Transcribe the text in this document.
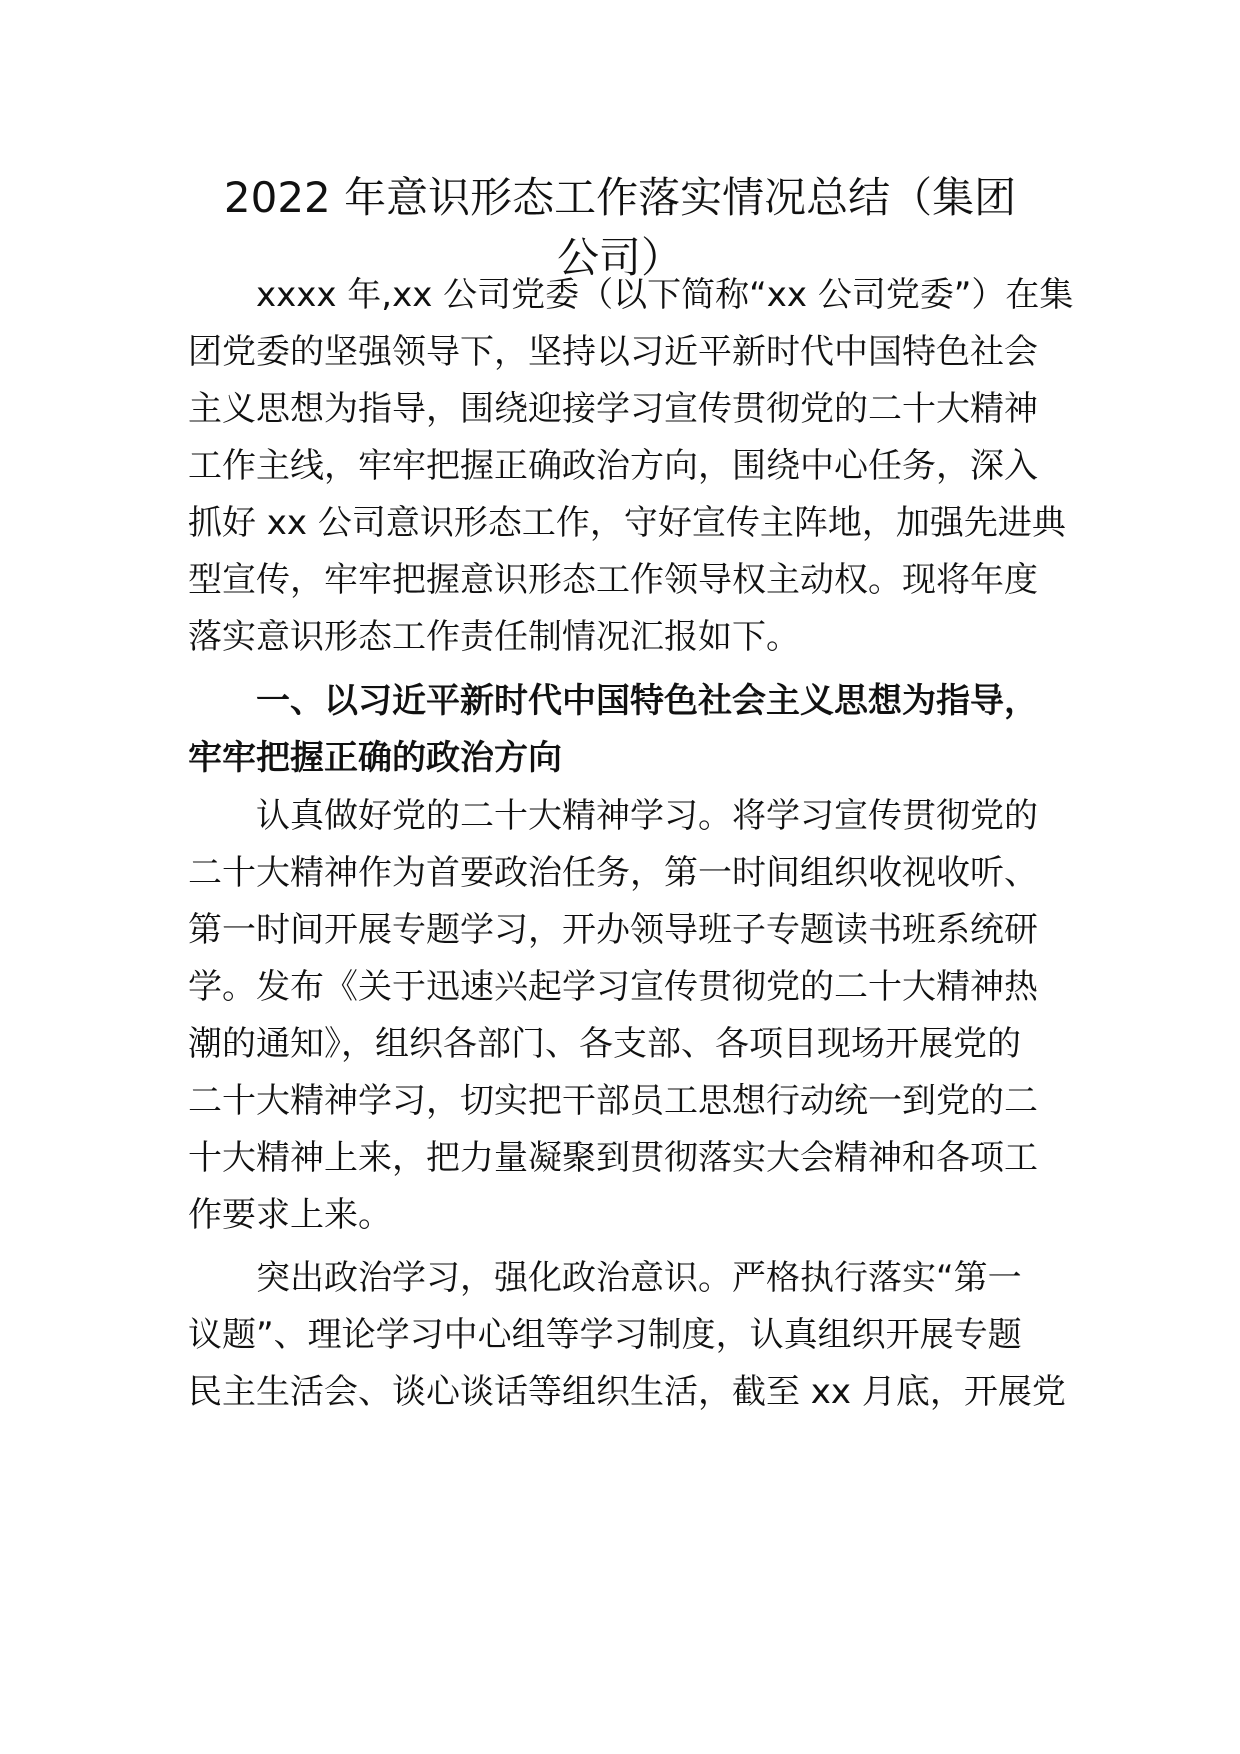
2022 年意识形态工作落实情况总结（集团
公司）
xxxx 年,xx 公司党委（以下简称“xx 公司党委”）在集
团党委的坚强领导下，坚持以习近平新时代中国特色社会
主义思想为指导，围绕迎接学习宣传贯彻党的二十大精神
工作主线，牢牢把握正确政治方向，围绕中心任务，深入
抓好 xx 公司意识形态工作，守好宣传主阵地，加强先进典
型宣传，牢牢把握意识形态工作领导权主动权。现将年度
落实意识形态工作责任制情况汇报如下。
一、以习近平新时代中国特色社会主义思想为指导，
牢牢把握正确的政治方向
认真做好党的二十大精神学习。将学习宣传贯彻党的
二十大精神作为首要政治任务，第一时间组织收视收听、
第一时间开展专题学习，开办领导班子专题读书班系统研
学。发布《关于迅速兴起学习宣传贯彻党的二十大精神热
潮的通知》，组织各部门、各支部、各项目现场开展党的
二十大精神学习，切实把干部员工思想行动统一到党的二
十大精神上来，把力量凝聚到贯彻落实大会精神和各项工
作要求上来。
突出政治学习，强化政治意识。严格执行落实“第一
议题”、理论学习中心组等学习制度，认真组织开展专题
民主生活会、谈心谈话等组织生活，截至 xx 月底，开展党
